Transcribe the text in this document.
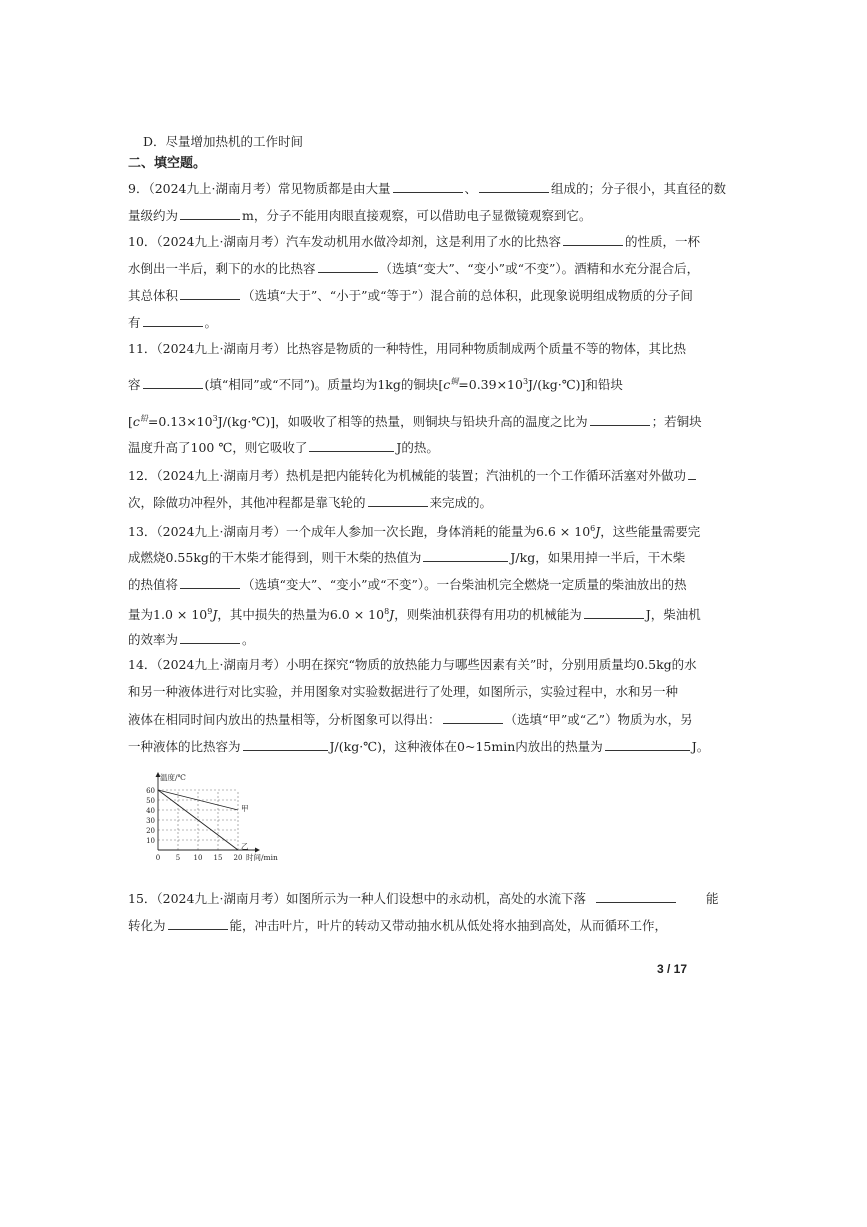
D．尽量增加热机的工作时间
二、填空题。
9．（2024九上·湖南月考）常见物质都是由大量	、	组成的；分子很小，其直径的数
量级约为	m，分子不能用肉眼直接观察，可以借助电子显微镜观察到它。
10．（2024九上·湖南月考）汽车发动机用水做冷却剂，这是利用了水的比热容	的性质，一杯
水倒出一半后，剩下的水的比热容	（选填“变大”、“变小”或“不变”）。酒精和水充分混合后，
其总体积	（选填“大于”、“小于”或“等于”）混合前的总体积，此现象说明组成物质的分子间
有	。
11．（2024九上·湖南月考）比热容是物质的一种特性，用同种物质制成两个质量不等的物体，其比热
容	(填“相同”或“不同”)。质量均为1kg的铜块$[c^铜=0.39\times 10^3J/(kg\cdot℃)]$和铅块
$[c^铅=0.13\times 10^3J/(kg\cdot℃)]$，如吸收了相等的热量，则铜块与铅块升高的温度之比为	；若铜块
温度升高了100 ℃，则它吸收了	J的热。
12．（2024九上·湖南月考）热机是把内能转化为机械能的装置；汽油机的一个工作循环活塞对外做功
次，除做功冲程外，其他冲程都是靠飞轮的	来完成的。
13．（2024九上·湖南月考）一个成年人参加一次长跑，身体消耗的能量为$6.6 \times 10^6J$，这些能量需要完
成燃烧0.55kg的干木柴才能得到，则干木柴的热值为	J/kg，如果用掉一半后，干木柴
的热值将	（选填“变大”、“变小”或“不变”）。一台柴油机完全燃烧一定质量的柴油放出的热
量为$1.0 \times 10^9J$，其中损失的热量为$6.0 \times 10^8J$，则柴油机获得有用功的机械能为	J，柴油机
的效率为	。
14．（2024九上·湖南月考）小明在探究“物质的放热能力与哪些因素有关”时，分别用质量均0.5kg的水
和另一种液体进行对比实验，并用图象对实验数据进行了处理，如图所示，实验过程中，水和另一种
液体在相同时间内放出的热量相等，分析图象可以得出：	（选填“甲”或“乙”）物质为水，另
一种液体的比热容为	J/(kg·℃)，这种液体在0~15min内放出的热量为	J。
10
20
30
40
50
60
0 5 10 15 20
温度/℃
时间/min
甲
乙
15．（2024九上·湖南月考）如图所示为一种人们设想中的永动机，高处的水流下落	能
转化为	能，冲击叶片，叶片的转动又带动抽水机从低处将水抽到高处，从而循环工作，
3 / 17
